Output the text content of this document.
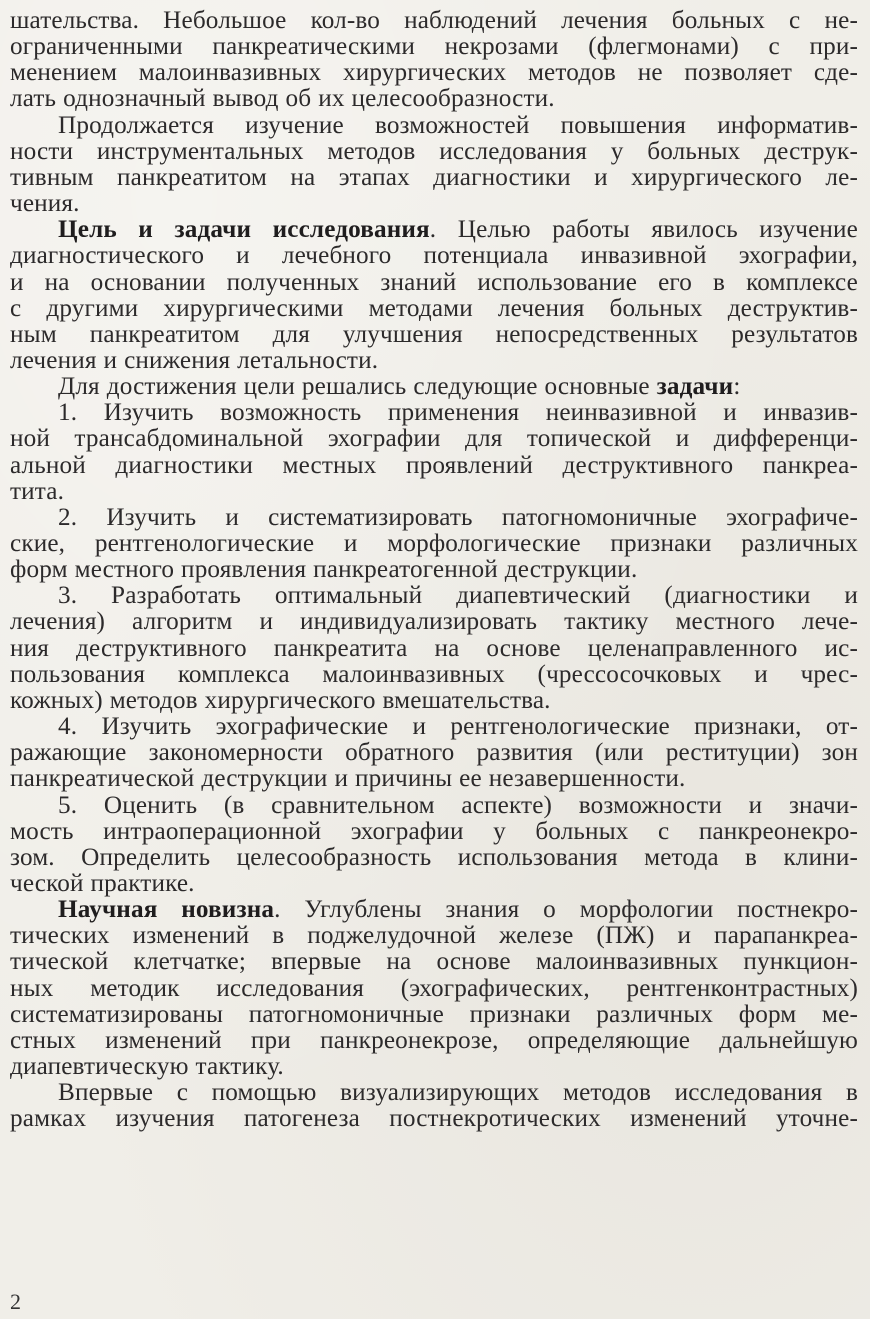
шательства. Небольшое кол-во наблюдений лечения больных с не-
ограниченными панкреатическими некрозами (флегмонами) с при-
менением малоинвазивных хирургических методов не позволяет сде-
лать однозначный вывод об их целесообразности.
Продолжается изучение возможностей повышения информатив-
ности инструментальных методов исследования у больных деструк-
тивным панкреатитом на этапах диагностики и хирургического ле-
чения.
Цель и задачи исследования. Целью работы явилось изучение
диагностического и лечебного потенциала инвазивной эхографии,
и на основании полученных знаний использование его в комплексе
с другими хирургическими методами лечения больных деструктив-
ным панкреатитом для улучшения непосредственных результатов
лечения и снижения летальности.
Для достижения цели решались следующие основные задачи:
1. Изучить возможность применения неинвазивной и инвазив-
ной трансабдоминальной эхографии для топической и дифференци-
альной диагностики местных проявлений деструктивного панкреа-
тита.
2. Изучить и систематизировать патогномоничные эхографиче-
ские, рентгенологические и морфологические признаки различных
форм местного проявления панкреатогенной деструкции.
3. Разработать оптимальный диапевтический (диагностики и
лечения) алгоритм и индивидуализировать тактику местного лече-
ния деструктивного панкреатита на основе целенаправленного ис-
пользования комплекса малоинвазивных (чрессосочковых и чрес-
кожных) методов хирургического вмешательства.
4. Изучить эхографические и рентгенологические признаки, от-
ражающие закономерности обратного развития (или реституции) зон
панкреатической деструкции и причины ее незавершенности.
5. Оценить (в сравнительном аспекте) возможности и значи-
мость интраоперационной эхографии у больных с панкреонекро-
зом. Определить целесообразность использования метода в клини-
ческой практике.
Научная новизна. Углублены знания о морфологии постнекро-
тических изменений в поджелудочной железе (ПЖ) и парапанкреа-
тической клетчатке; впервые на основе малоинвазивных пункцион-
ных методик исследования (эхографических, рентгенконтрастных)
систематизированы патогномоничные признаки различных форм ме-
стных изменений при панкреонекрозе, определяющие дальнейшую
диапевтическую тактику.
Впервые с помощью визуализирующих методов исследования в
рамках изучения патогенеза постнекротических изменений уточне-
2
